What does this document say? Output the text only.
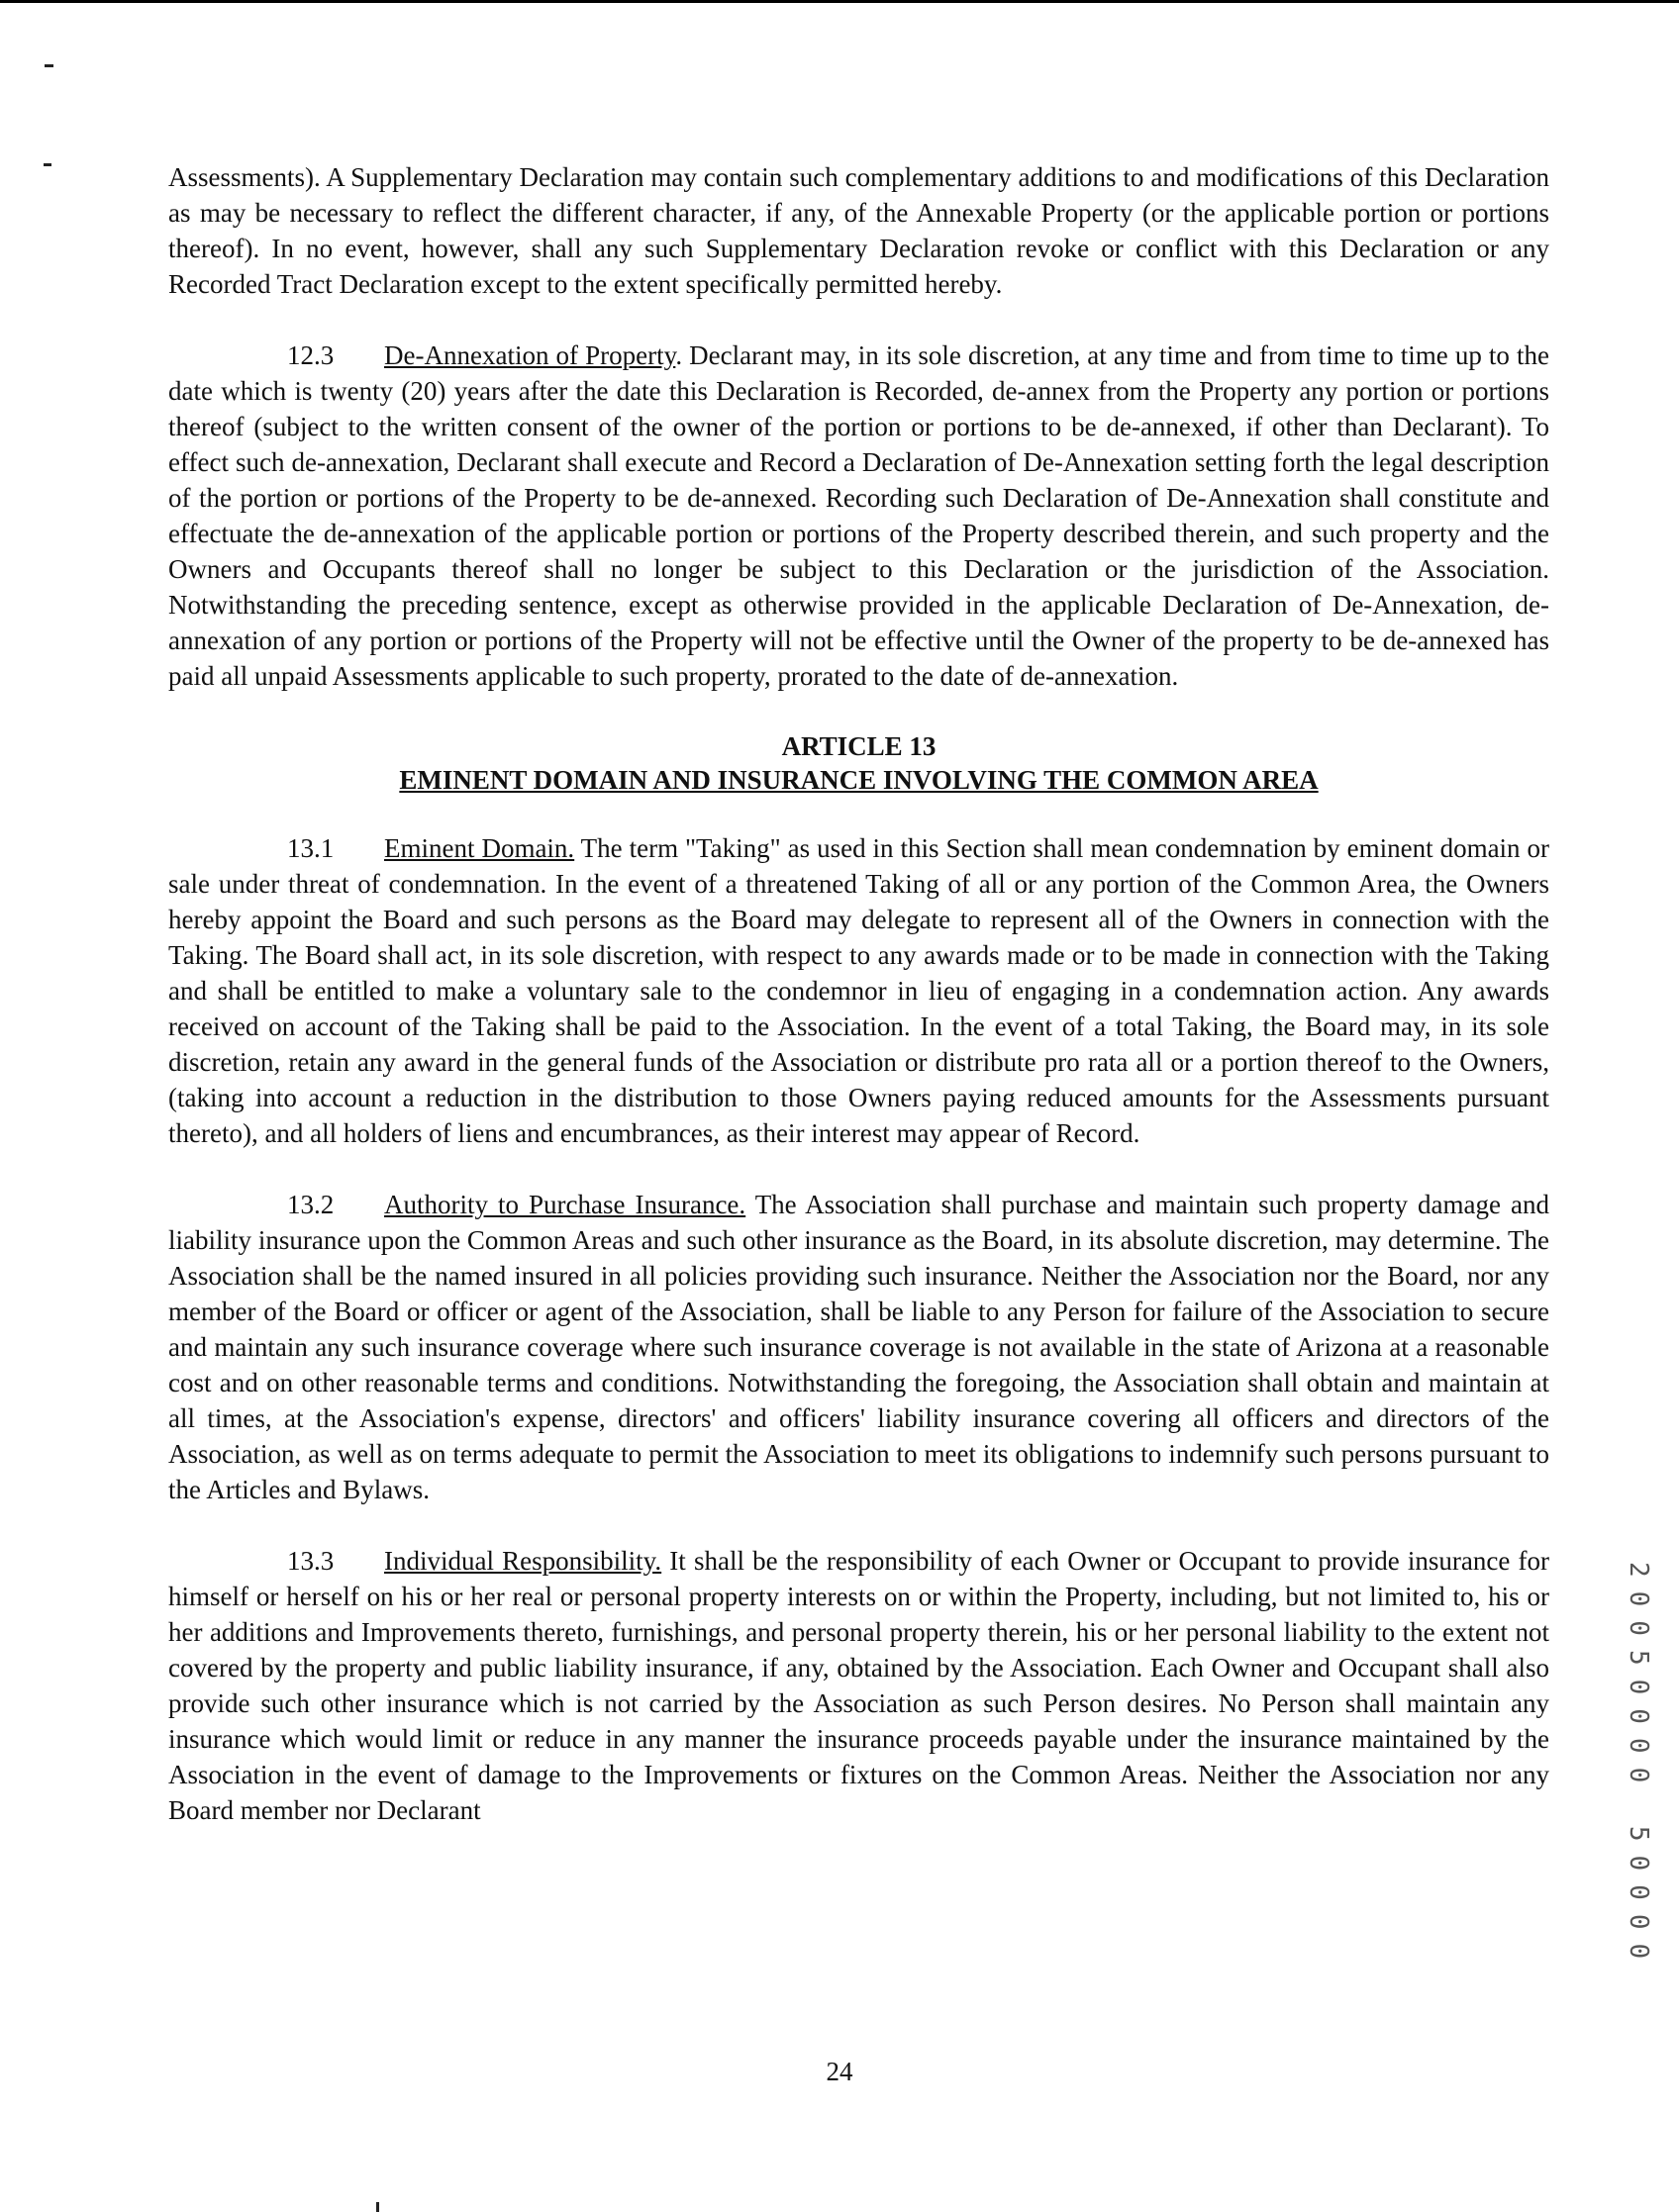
Assessments). A Supplementary Declaration may contain such complementary additions to and modifications of this Declaration as may be necessary to reflect the different character, if any, of the Annexable Property (or the applicable portion or portions thereof). In no event, however, shall any such Supplementary Declaration revoke or conflict with this Declaration or any Recorded Tract Declaration except to the extent specifically permitted hereby.

12.3 De-Annexation of Property. Declarant may, in its sole discretion, at any time and from time to time up to the date which is twenty (20) years after the date this Declaration is Recorded, de-annex from the Property any portion or portions thereof (subject to the written consent of the owner of the portion or portions to be de-annexed, if other than Declarant). To effect such de-annexation, Declarant shall execute and Record a Declaration of De-Annexation setting forth the legal description of the portion or portions of the Property to be de-annexed. Recording such Declaration of De-Annexation shall constitute and effectuate the de-annexation of the applicable portion or portions of the Property described therein, and such property and the Owners and Occupants thereof shall no longer be subject to this Declaration or the jurisdiction of the Association. Notwithstanding the preceding sentence, except as otherwise provided in the applicable Declaration of De-Annexation, de-annexation of any portion or portions of the Property will not be effective until the Owner of the property to be de-annexed has paid all unpaid Assessments applicable to such property, prorated to the date of de-annexation.

ARTICLE 13
EMINENT DOMAIN AND INSURANCE INVOLVING THE COMMON AREA

13.1 Eminent Domain. The term "Taking" as used in this Section shall mean condemnation by eminent domain or sale under threat of condemnation. In the event of a threatened Taking of all or any portion of the Common Area, the Owners hereby appoint the Board and such persons as the Board may delegate to represent all of the Owners in connection with the Taking. The Board shall act, in its sole discretion, with respect to any awards made or to be made in connection with the Taking and shall be entitled to make a voluntary sale to the condemnor in lieu of engaging in a condemnation action. Any awards received on account of the Taking shall be paid to the Association. In the event of a total Taking, the Board may, in its sole discretion, retain any award in the general funds of the Association or distribute pro rata all or a portion thereof to the Owners, (taking into account a reduction in the distribution to those Owners paying reduced amounts for the Assessments pursuant thereto), and all holders of liens and encumbrances, as their interest may appear of Record.

13.2 Authority to Purchase Insurance. The Association shall purchase and maintain such property damage and liability insurance upon the Common Areas and such other insurance as the Board, in its absolute discretion, may determine. The Association shall be the named insured in all policies providing such insurance. Neither the Association nor the Board, nor any member of the Board or officer or agent of the Association, shall be liable to any Person for failure of the Association to secure and maintain any such insurance coverage where such insurance coverage is not available in the state of Arizona at a reasonable cost and on other reasonable terms and conditions. Notwithstanding the foregoing, the Association shall obtain and maintain at all times, at the Association's expense, directors' and officers' liability insurance covering all officers and directors of the Association, as well as on terms adequate to permit the Association to meet its obligations to indemnify such persons pursuant to the Articles and Bylaws.

13.3 Individual Responsibility. It shall be the responsibility of each Owner or Occupant to provide insurance for himself or herself on his or her real or personal property interests on or within the Property, including, but not limited to, his or her additions and Improvements thereto, furnishings, and personal property therein, his or her personal liability to the extent not covered by the property and public liability insurance, if any, obtained by the Association. Each Owner and Occupant shall also provide such other insurance which is not carried by the Association as such Person desires. No Person shall maintain any insurance which would limit or reduce in any manner the insurance proceeds payable under the insurance maintained by the Association in the event of damage to the Improvements or fixtures on the Common Areas. Neither the Association nor any Board member nor Declarant	20050000 50000
24
